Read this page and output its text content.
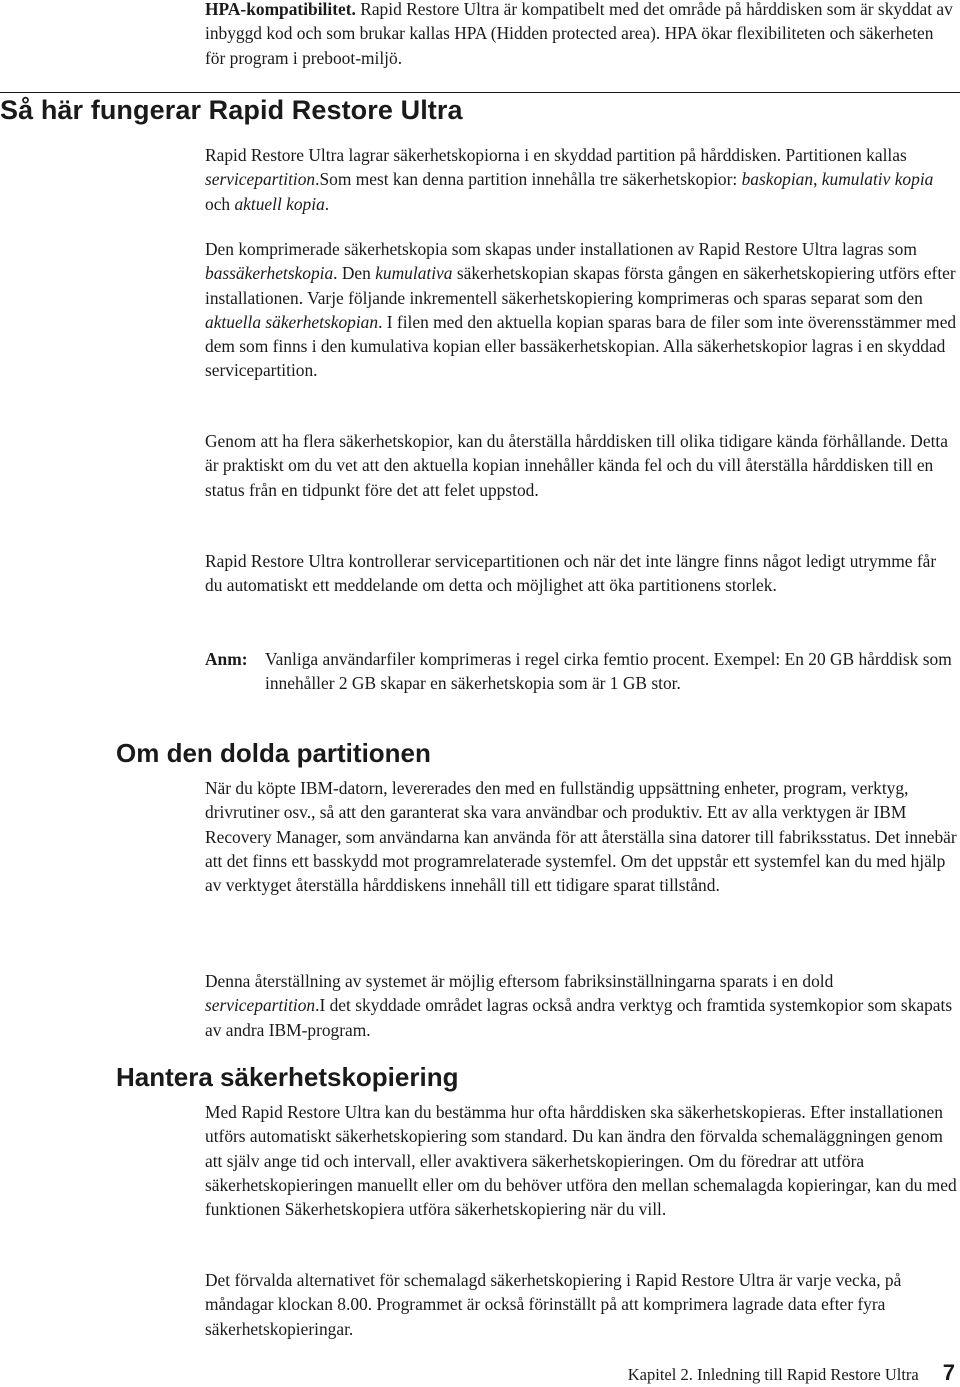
HPA-kompatibilitet. Rapid Restore Ultra är kompatibelt med det område på hårddisken som är skyddat av inbyggd kod och som brukar kallas HPA (Hidden protected area). HPA ökar flexibiliteten och säkerheten för program i preboot-miljö.

Så här fungerar Rapid Restore Ultra

Rapid Restore Ultra lagrar säkerhetskopiorna i en skyddad partition på hårddisken. Partitionen kallas servicepartition.Som mest kan denna partition innehålla tre säkerhetskopior: baskopian, kumulativ kopia och aktuell kopia.

Den komprimerade säkerhetskopia som skapas under installationen av Rapid Restore Ultra lagras som bassäkerhetskopia. Den kumulativa säkerhetskopian skapas första gången en säkerhetskopiering utförs efter installationen. Varje följande inkrementell säkerhetskopiering komprimeras och sparas separat som den aktuella säkerhetskopian. I filen med den aktuella kopian sparas bara de filer som inte överensstämmer med dem som finns i den kumulativa kopian eller bassäkerhetskopian. Alla säkerhetskopior lagras i en skyddad servicepartition.

Genom att ha flera säkerhetskopior, kan du återställa hårddisken till olika tidigare kända förhållande. Detta är praktiskt om du vet att den aktuella kopian innehåller kända fel och du vill återställa hårddisken till en status från en tidpunkt före det att felet uppstod.

Rapid Restore Ultra kontrollerar servicepartitionen och när det inte längre finns något ledigt utrymme får du automatiskt ett meddelande om detta och möjlighet att öka partitionens storlek.

Anm:	Vanliga användarfiler komprimeras i regel cirka femtio procent. Exempel: En 20 GB hårddisk som innehåller 2 GB skapar en säkerhetskopia som är 1 GB stor.
Om den dolda partitionen

När du köpte IBM-datorn, levererades den med en fullständig uppsättning enheter, program, verktyg, drivrutiner osv., så att den garanterat ska vara användbar och produktiv. Ett av alla verktygen är IBM Recovery Manager, som användarna kan använda för att återställa sina datorer till fabriksstatus. Det innebär att det finns ett basskydd mot programrelaterade systemfel. Om det uppstår ett systemfel kan du med hjälp av verktyget återställa hårddiskens innehåll till ett tidigare sparat tillstånd.

Denna återställning av systemet är möjlig eftersom fabriksinställningarna sparats i en dold servicepartition.I det skyddade området lagras också andra verktyg och framtida systemkopior som skapats av andra IBM-program.

Hantera säkerhetskopiering

Med Rapid Restore Ultra kan du bestämma hur ofta hårddisken ska säkerhetskopieras. Efter installationen utförs automatiskt säkerhetskopiering som standard. Du kan ändra den förvalda schemaläggningen genom att själv ange tid och intervall, eller avaktivera säkerhetskopieringen. Om du föredrar att utföra säkerhetskopieringen manuellt eller om du behöver utföra den mellan schemalagda kopieringar, kan du med funktionen Säkerhetskopiera utföra säkerhetskopiering när du vill.

Det förvalda alternativet för schemalagd säkerhetskopiering i Rapid Restore Ultra är varje vecka, på måndagar klockan 8.00. Programmet är också förinställt på att komprimera lagrade data efter fyra säkerhetskopieringar.

Kapitel 2. Inledning till Rapid Restore Ultra 7
